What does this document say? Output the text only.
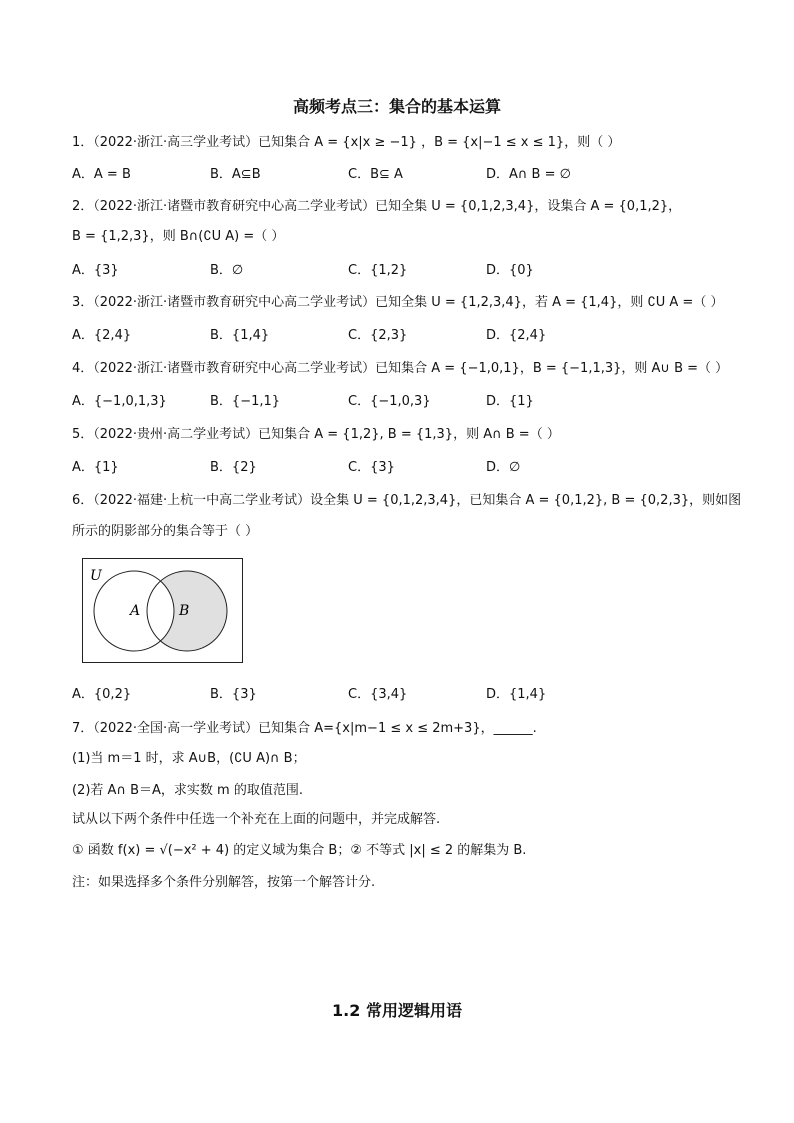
高频考点三：集合的基本运算
1．（2022·浙江·高三学业考试）已知集合 A = {x|x ≥ −1} ，B = {x|−1 ≤ x ≤ 1}，则（ ）
A．A = B	B．A⊆B	C．B⊆ A	D．A∩ B = ∅
2．（2022·浙江·诸暨市教育研究中心高二学业考试）已知全集 U = {0,1,2,3,4}，设集合 A = {0,1,2}，
B = {1,2,3}，则 B∩(∁U A) =（ ）
A．{3}	B．∅	C．{1,2}	D．{0}
3．（2022·浙江·诸暨市教育研究中心高二学业考试）已知全集 U = {1,2,3,4}，若 A = {1,4}，则 ∁U A =（ ）
A．{2,4}	B．{1,4}	C．{2,3}	D．{2,4}
4．（2022·浙江·诸暨市教育研究中心高二学业考试）已知集合 A = {−1,0,1}，B = {−1,1,3}，则 A∪ B =（ ）
A．{−1,0,1,3}	B．{−1,1}	C．{−1,0,3}	D．{1}
5．（2022·贵州·高二学业考试）已知集合 A = {1,2}, B = {1,3}，则 A∩ B =（ ）
A．{1}	B．{2}	C．{3}	D．∅
6．（2022·福建·上杭一中高二学业考试）设全集 U = {0,1,2,3,4}，已知集合 A = {0,1,2}, B = {0,2,3}，则如图
所示的阴影部分的集合等于（ ）
U
A	B
A．{0,2}	B．{3}	C．{3,4}	D．{1,4}
7．（2022·全国·高一学业考试）已知集合 A={x|m−1 ≤ x ≤ 2m+3}，______.
(1)当 m＝1 时，求 A∪B，(∁U A)∩ B；
(2)若 A∩ B＝A，求实数 m 的取值范围.
试从以下两个条件中任选一个补充在上面的问题中，并完成解答.
① 函数 f(x) = √(−x² + 4) 的定义域为集合 B；② 不等式 |x| ≤ 2 的解集为 B.
注：如果选择多个条件分别解答，按第一个解答计分.
1.2 常用逻辑用语
